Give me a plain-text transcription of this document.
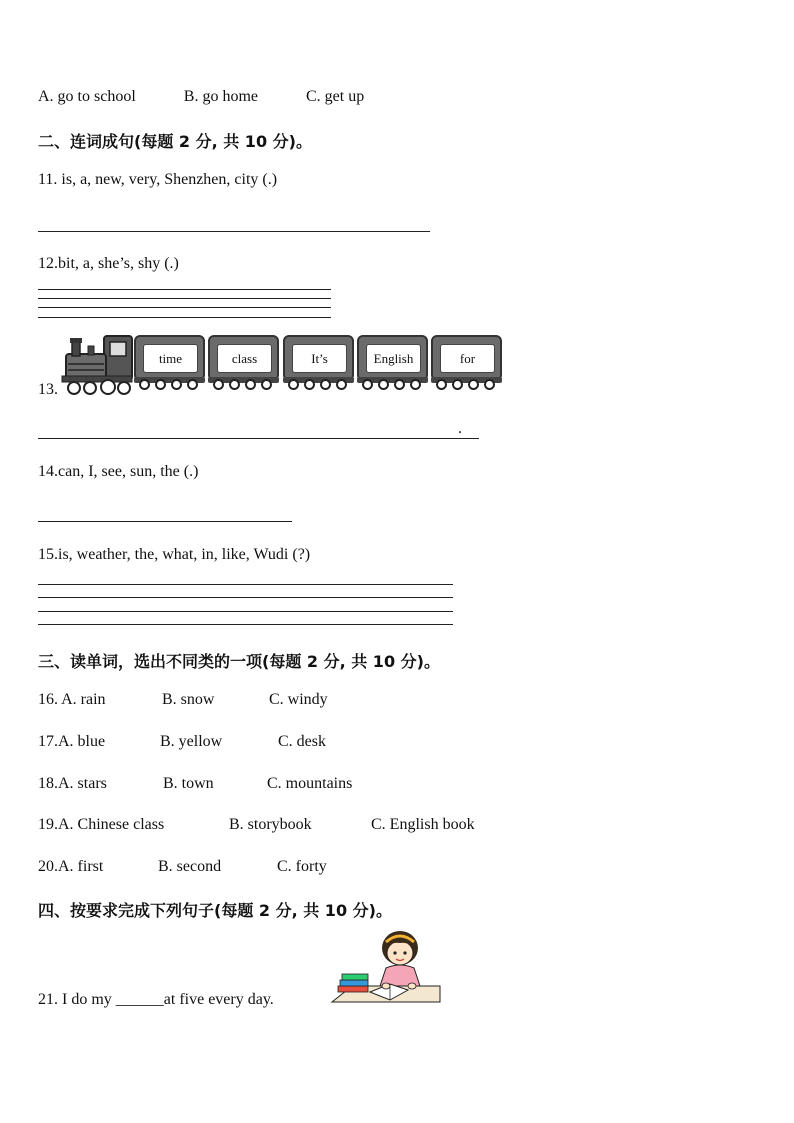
A. go to school	B. go home	C. get up
二、连词成句(每题 2 分, 共 10 分)。
11. is, a, new, very, Shenzhen, city (.)
12.bit, a, she’s, shy (.)
13.
time	class	It’s	English	for
.
14.can, I, see, sun, the (.)
15.is, weather, the, what, in, like, Wudi (?)
三、读单词，选出不同类的一项(每题 2 分, 共 10 分)。
16. A. rain	B. snow	C. windy
17.A. blue	B. yellow	C. desk
18.A. stars	B. town	C. mountains
19.A. Chinese class	B. storybook	C. English book
20.A. first	B. second	C. forty
四、按要求完成下列句子(每题 2 分, 共 10 分)。
21. I do my ______at five every day.
